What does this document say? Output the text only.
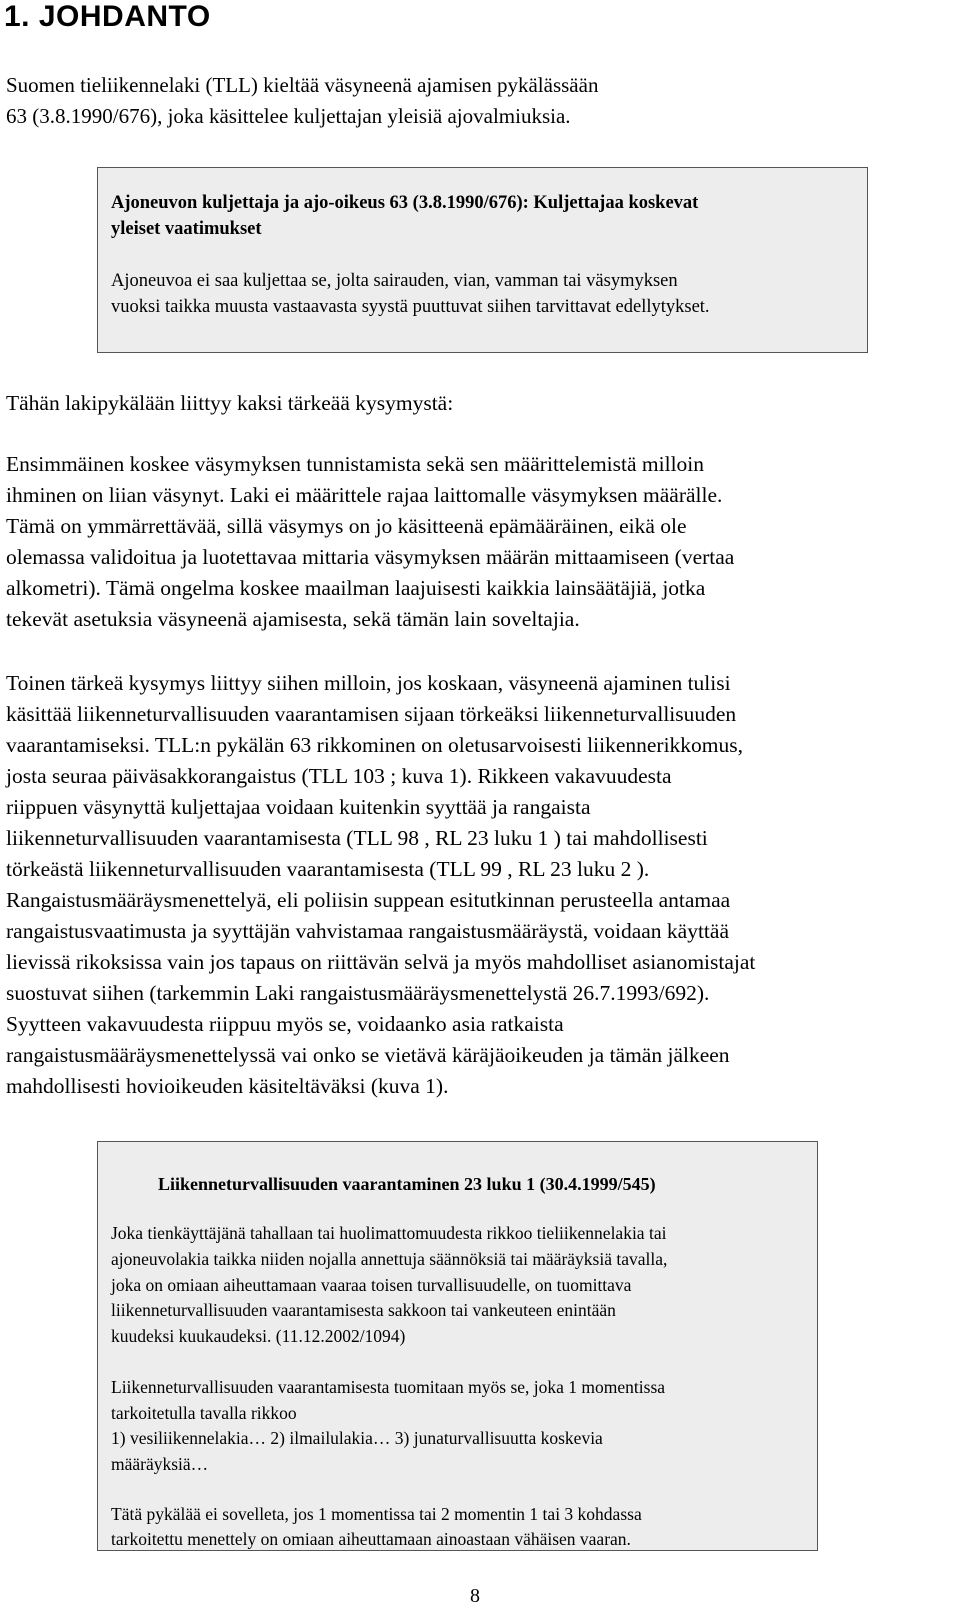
1. JOHDANTO
Suomen tieliikennelaki (TLL) kieltää väsyneenä ajamisen pykälässään
63 (3.8.1990/676), joka käsittelee kuljettajan yleisiä ajovalmiuksia.
Ajoneuvon kuljettaja ja ajo-oikeus 63 (3.8.1990/676): Kuljettajaa koskevat
yleiset vaatimukset
Ajoneuvoa ei saa kuljettaa se, jolta sairauden, vian, vamman tai väsymyksen
vuoksi taikka muusta vastaavasta syystä puuttuvat siihen tarvittavat edellytykset.
Tähän lakipykälään liittyy kaksi tärkeää kysymystä:
Ensimmäinen koskee väsymyksen tunnistamista sekä sen määrittelemistä milloin
ihminen on liian väsynyt. Laki ei määrittele rajaa laittomalle väsymyksen määrälle.
Tämä on ymmärrettävää, sillä väsymys on jo käsitteenä epämääräinen, eikä ole
olemassa validoitua ja luotettavaa mittaria väsymyksen määrän mittaamiseen (vertaa
alkometri). Tämä ongelma koskee maailman laajuisesti kaikkia lainsäätäjiä, jotka
tekevät asetuksia väsyneenä ajamisesta, sekä tämän lain soveltajia.
Toinen tärkeä kysymys liittyy siihen milloin, jos koskaan, väsyneenä ajaminen tulisi
käsittää liikenneturvallisuuden vaarantamisen sijaan törkeäksi liikenneturvallisuuden
vaarantamiseksi. TLL:n pykälän 63 rikkominen on oletusarvoisesti liikennerikkomus,
josta seuraa päiväsakkorangaistus (TLL 103 ; kuva 1). Rikkeen vakavuudesta
riippuen väsynyttä kuljettajaa voidaan kuitenkin syyttää ja rangaista
liikenneturvallisuuden vaarantamisesta (TLL 98 , RL 23 luku 1 ) tai mahdollisesti
törkeästä liikenneturvallisuuden vaarantamisesta (TLL 99 , RL 23 luku 2 ).
Rangaistusmääräysmenettelyä, eli poliisin suppean esitutkinnan perusteella antamaa
rangaistusvaatimusta ja syyttäjän vahvistamaa rangaistusmääräystä, voidaan käyttää
lievissä rikoksissa vain jos tapaus on riittävän selvä ja myös mahdolliset asianomistajat
suostuvat siihen (tarkemmin Laki rangaistusmääräysmenettelystä 26.7.1993/692).
Syytteen vakavuudesta riippuu myös se, voidaanko asia ratkaista
rangaistusmääräysmenettelyssä vai onko se vietävä käräjäoikeuden ja tämän jälkeen
mahdollisesti hovioikeuden käsiteltäväksi (kuva 1).
Liikenneturvallisuuden vaarantaminen 23 luku 1 (30.4.1999/545)
Joka tienkäyttäjänä tahallaan tai huolimattomuudesta rikkoo tieliikennelakia tai
ajoneuvolakia taikka niiden nojalla annettuja säännöksiä tai määräyksiä tavalla,
joka on omiaan aiheuttamaan vaaraa toisen turvallisuudelle, on tuomittava
liikenneturvallisuuden vaarantamisesta sakkoon tai vankeuteen enintään
kuudeksi kuukaudeksi. (11.12.2002/1094)
Liikenneturvallisuuden vaarantamisesta tuomitaan myös se, joka 1 momentissa
tarkoitetulla tavalla rikkoo
1) vesiliikennelakia… 2) ilmailulakia… 3) junaturvallisuutta koskevia
määräyksiä…
Tätä pykälää ei sovelleta, jos 1 momentissa tai 2 momentin 1 tai 3 kohdassa
tarkoitettu menettely on omiaan aiheuttamaan ainoastaan vähäisen vaaran.
8
